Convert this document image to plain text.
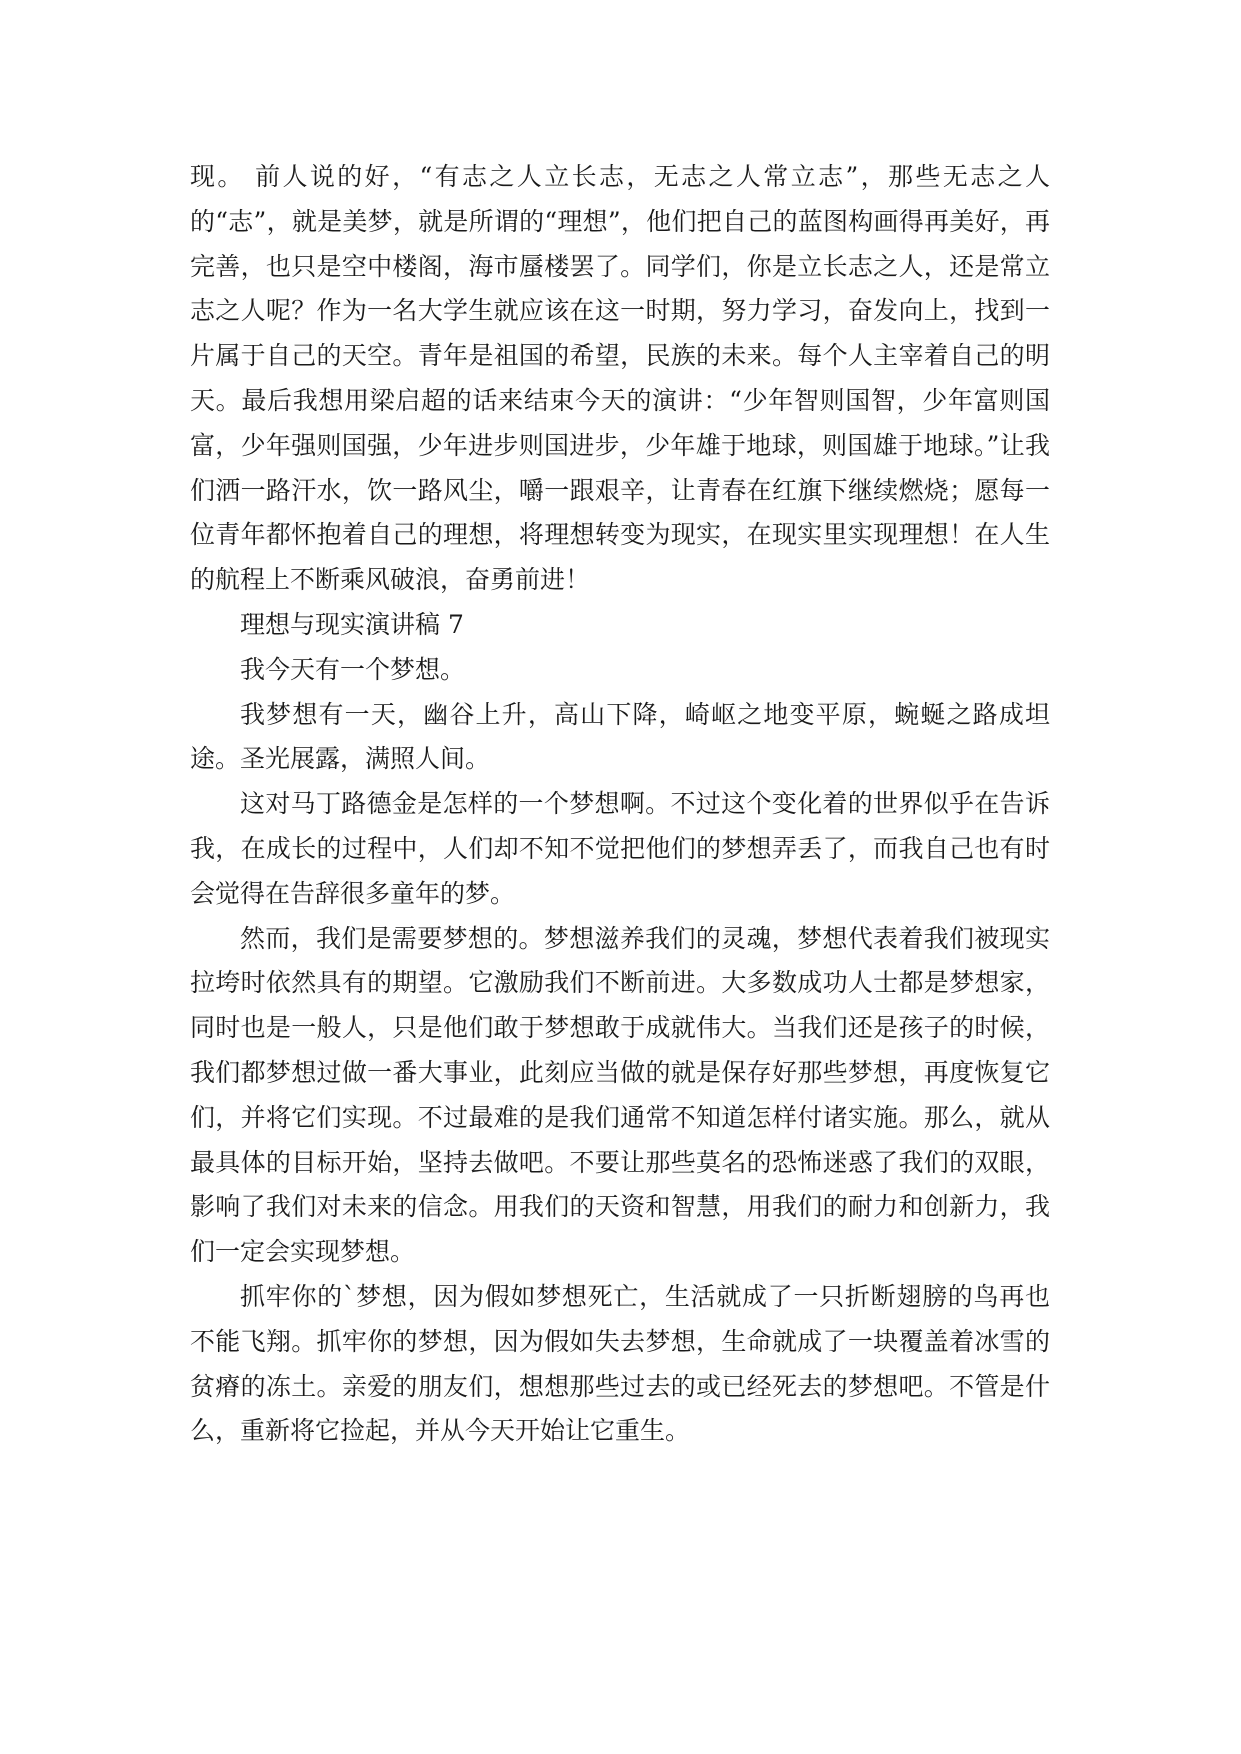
现。 前人说的好，“有志之人立长志，无志之人常立志”，那些无志之人的“志”，就是美梦，就是所谓的“理想”，他们把自己的蓝图构画得再美好，再完善，也只是空中楼阁，海市蜃楼罢了。同学们，你是立长志之人，还是常立志之人呢？作为一名大学生就应该在这一时期，努力学习，奋发向上，找到一片属于自己的天空。青年是祖国的希望，民族的未来。每个人主宰着自己的明天。最后我想用梁启超的话来结束今天的演讲：“少年智则国智，少年富则国富，少年强则国强，少年进步则国进步，少年雄于地球，则国雄于地球。”让我们洒一路汗水，饮一路风尘，嚼一跟艰辛，让青春在红旗下继续燃烧；愿每一位青年都怀抱着自己的理想，将理想转变为现实，在现实里实现理想！在人生的航程上不断乘风破浪，奋勇前进！

理想与现实演讲稿 7

我今天有一个梦想。

我梦想有一天，幽谷上升，高山下降，崎岖之地变平原，蜿蜒之路成坦途。圣光展露，满照人间。

这对马丁路德金是怎样的一个梦想啊。不过这个变化着的世界似乎在告诉我，在成长的过程中，人们却不知不觉把他们的梦想弄丢了，而我自己也有时会觉得在告辞很多童年的梦。

然而，我们是需要梦想的。梦想滋养我们的灵魂，梦想代表着我们被现实拉垮时依然具有的期望。它激励我们不断前进。大多数成功人士都是梦想家，同时也是一般人，只是他们敢于梦想敢于成就伟大。当我们还是孩子的时候，我们都梦想过做一番大事业，此刻应当做的就是保存好那些梦想，再度恢复它们，并将它们实现。不过最难的是我们通常不知道怎样付诸实施。那么，就从最具体的目标开始，坚持去做吧。不要让那些莫名的恐怖迷惑了我们的双眼，影响了我们对未来的信念。用我们的天资和智慧，用我们的耐力和创新力，我们一定会实现梦想。

抓牢你的`梦想，因为假如梦想死亡，生活就成了一只折断翅膀的鸟再也不能飞翔。抓牢你的梦想，因为假如失去梦想，生命就成了一块覆盖着冰雪的贫瘠的冻土。亲爱的朋友们，想想那些过去的或已经死去的梦想吧。不管是什么，重新将它捡起，并从今天开始让它重生。
